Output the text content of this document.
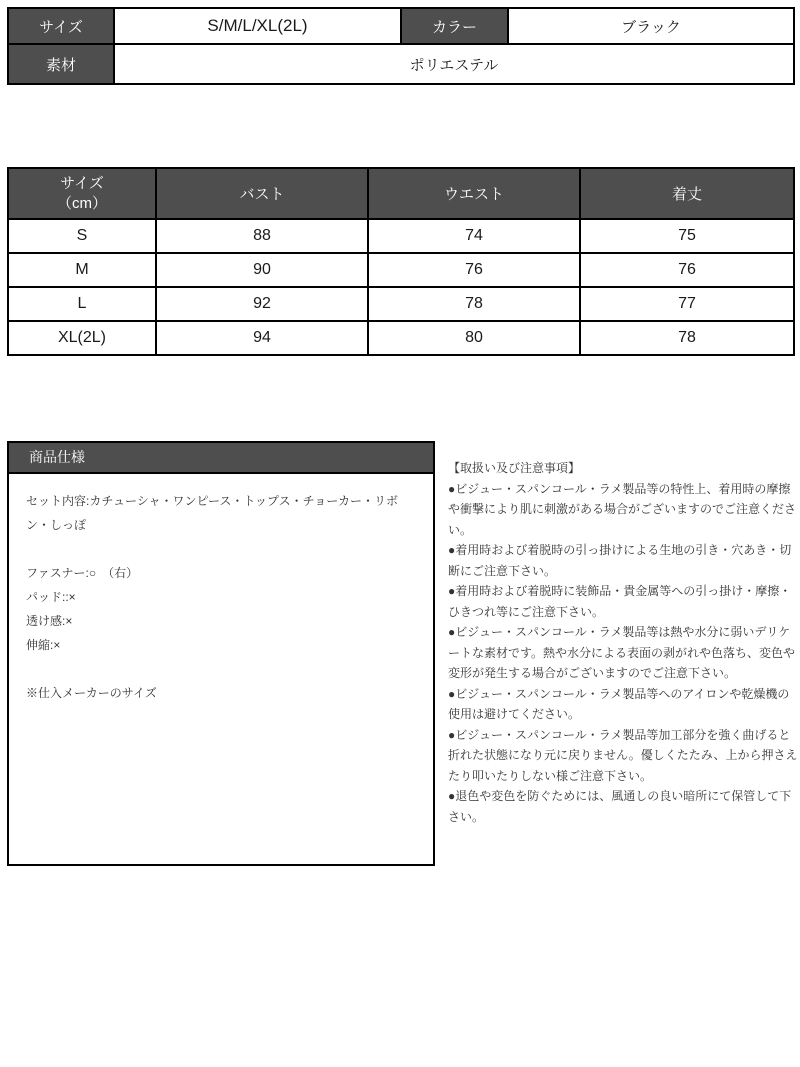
サイズ	S/M/L/XL(2L)	カラー	ブラック
素材	ポリエステル		
サイズ
（cm）	バスト	ウエスト	着丈
S	88	74	75
M	90	76	76
L	92	78	77
XL(2L)	94	80	78
商品仕様
セット内容:カチューシャ・ワンピース・トップス・チョーカー・リボン・しっぽ
ファスナー:○　（右）
パッド::×
透け感:×
伸縮:×
※仕入メーカーのサイズ

【取扱い及び注意事項】

●ビジュー・スパンコール・ラメ製品等の特性上、着用時の摩擦や衝撃により肌に刺激がある場合がございますのでご注意ください。

●着用時および着脱時の引っ掛けによる生地の引き・穴あき・切断にご注意下さい。

●着用時および着脱時に装飾品・貴金属等への引っ掛け・摩擦・ひきつれ等にご注意下さい。

●ビジュー・スパンコール・ラメ製品等は熱や水分に弱いデリケートな素材です。熱や水分による表面の剥がれや色落ち、変色や変形が発生する場合がございますのでご注意下さい。

●ビジュー・スパンコール・ラメ製品等へのアイロンや乾燥機の使用は避けてください。

●ビジュー・スパンコール・ラメ製品等加工部分を強く曲げると折れた状態になり元に戻りません。優しくたたみ、上から押さえたり叩いたりしない様ご注意下さい。

●退色や変色を防ぐためには、風通しの良い暗所にて保管して下さい。
